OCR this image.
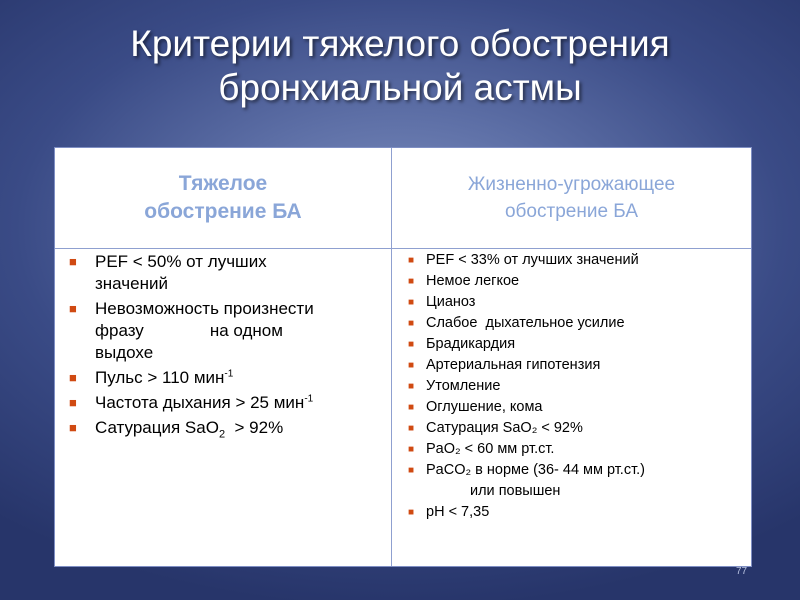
Критерии тяжелого обострения
бронхиальной астмы
Тяжелое
обострение БА
Жизненно-угрожающее
обострение БА
■ PEF < 50% от лучших
значений
■ Невозможность произнести
фразу	на одном
выдохе
■ Пульс > 110 мин$^{-1}$
■ Частота дыхания > 25 мин$^{-1}$
■ Сатурация SaO$_2$  > 92%
■ PEF < 33% от лучших значений
■ Немое легкое
■ Цианоз
■ Слабое  дыхательное усилие
■ Брадикардия
■ Артериальная гипотензия
■ Утомление
■ Оглушение, кома
■ Сатурация SaO₂ < 92%
■ PaO₂ < 60 мм рт.ст.
■ PaCO₂ в норме (36- 44 мм рт.ст.)
или повышен
■ pH < 7,35
77
